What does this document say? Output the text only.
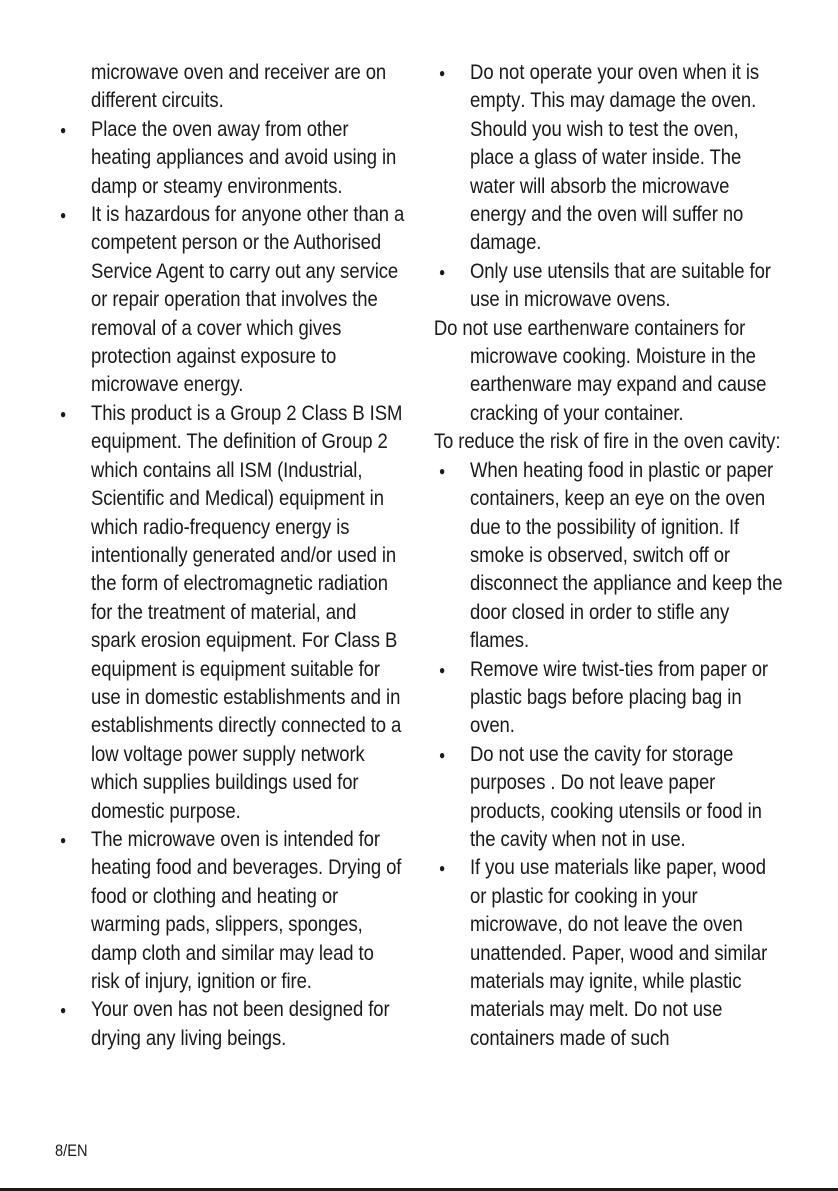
microwave oven and receiver are on different circuits.

●
Place the oven away from other heating appliances and avoid using in damp or steamy environments.
●
It is hazardous for anyone other than a competent person or the Authorised Service Agent to carry out any service or repair operation that involves the removal of a cover which gives protection against exposure to microwave energy.
●
This product is a Group 2 Class B ISM equipment. The definition of Group 2 which contains all ISM (Industrial, Scientific and Medical) equipment in which radio-frequency energy is intentionally generated and/or used in the form of electromagnetic radiation for the treatment of material, and spark erosion equipment. For Class B equipment is equipment suitable for use in domestic establishments and in establishments directly connected to a low voltage power supply network which supplies buildings used for domestic purpose.
●
The microwave oven is intended for heating food and beverages. Drying of food or clothing and heating or warming pads, slippers, sponges, damp cloth and similar may lead to risk of injury, ignition or fire.
●
Your oven has not been designed for drying any living beings.
●
Do not operate your oven when it is empty. This may damage the oven. Should you wish to test the oven, place a glass of water inside. The water will absorb the microwave energy and the oven will suffer no damage.
●
Only use utensils that are suitable for use in microwave ovens.
Do not use earthenware containers for
microwave cooking. Moisture in the earthenware may expand and cause cracking of your container.

To reduce the risk of fire in the oven cavity:

●
When heating food in plastic or paper containers, keep an eye on the oven due to the possibility of ignition. If smoke is observed, switch off or disconnect the appliance and keep the door closed in order to stifle any flames.
●
Remove wire twist-ties from paper or plastic bags before placing bag in oven.
●
Do not use the cavity for storage purposes . Do not leave paper products, cooking utensils or food in the cavity when not in use.
●
If you use materials like paper, wood or plastic for cooking in your microwave, do not leave the oven unattended. Paper, wood and similar materials may ignite, while plastic materials may melt. Do not use containers made of such
8/EN
